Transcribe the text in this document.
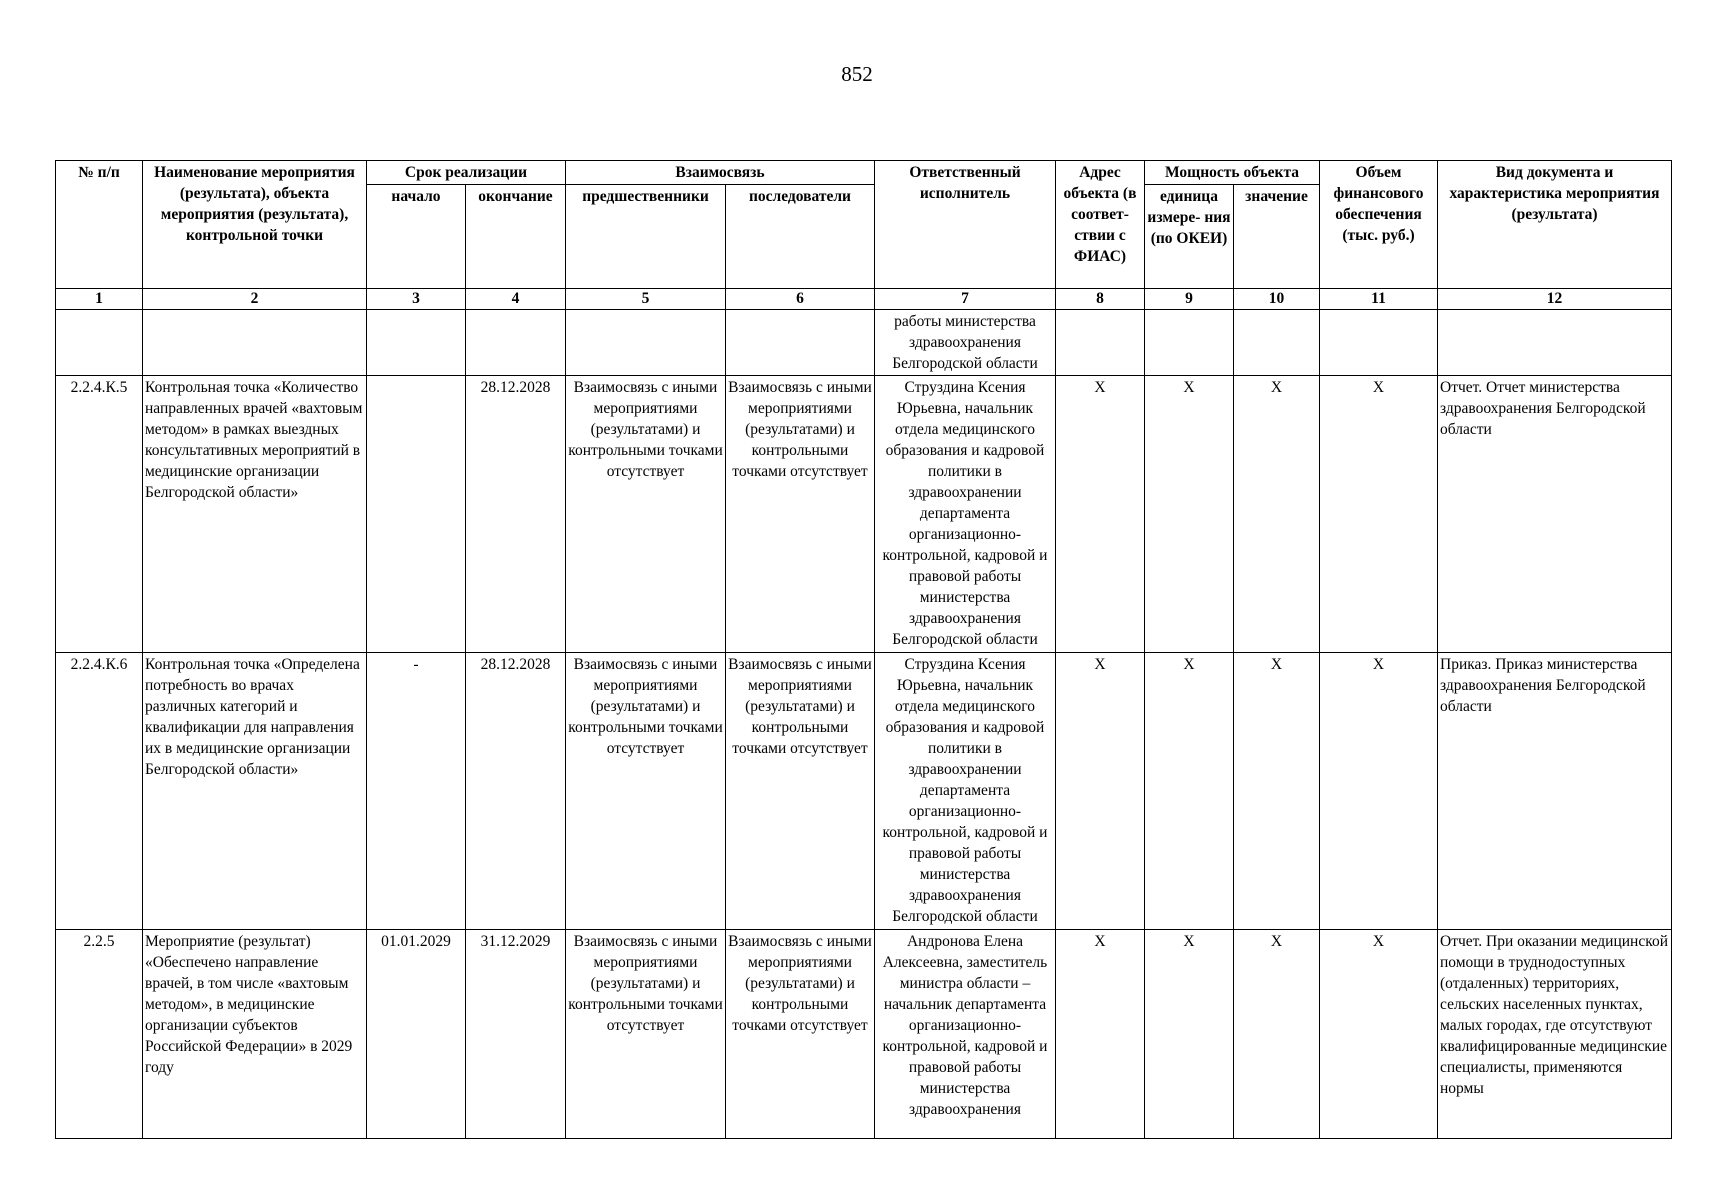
852
№ п/п	Наименование мероприятия (результата), объекта мероприятия (результата), контрольной точки	Срок реализации		Взаимосвязь		Ответственный исполнитель	Адрес объекта (в соответ- ствии с ФИАС)	Мощность объекта		Объем финансового обеспечения (тыс. руб.)	Вид документа и характеристика мероприятия (результата)
		начало	окончание	предшественники	последователи			единица измере- ния (по ОКЕИ)	значение		
1	2	3	4	5	6	7	8	9	10	11	12
						работы министерства здравоохранения Белгородской области					
2.2.4.К.5	Контрольная точка «Количество направленных врачей «вахтовым методом» в рамках выездных консультативных мероприятий в медицинские организации Белгородской области»		28.12.2028	Взаимосвязь с иными мероприятиями (результатами) и контрольными точками отсутствует	Взаимосвязь с иными мероприятиями (результатами) и контрольными точками отсутствует	Струздина Ксения Юрьевна, начальник отдела медицинского образования и кадровой политики в здравоохранении департамента организационно-контрольной, кадровой и правовой работы министерства здравоохранения Белгородской области	X	X	X	X	Отчет. Отчет министерства здравоохранения Белгородской области
2.2.4.К.6	Контрольная точка «Определена потребность во врачах различных категорий и квалификации для направления их в медицинские организации Белгородской области»	-	28.12.2028	Взаимосвязь с иными мероприятиями (результатами) и контрольными точками отсутствует	Взаимосвязь с иными мероприятиями (результатами) и контрольными точками отсутствует	Струздина Ксения Юрьевна, начальник отдела медицинского образования и кадровой политики в здравоохранении департамента организационно-контрольной, кадровой и правовой работы министерства здравоохранения Белгородской области	X	X	X	X	Приказ. Приказ министерства здравоохранения Белгородской области
2.2.5	Мероприятие (результат) «Обеспечено направление врачей, в том числе «вахтовым методом», в медицинские организации субъектов Российской Федерации» в 2029 году	01.01.2029	31.12.2029	Взаимосвязь с иными мероприятиями (результатами) и контрольными точками отсутствует	Взаимосвязь с иными мероприятиями (результатами) и контрольными точками отсутствует	Андронова Елена Алексеевна, заместитель министра области – начальник департамента организационно-контрольной, кадровой и правовой работы министерства здравоохранения	X	X	X	X	Отчет. При оказании медицинской помощи в труднодоступных (отдаленных) территориях, сельских населенных пунктах, малых городах, где отсутствуют квалифицированные медицинские специалисты, применяются нормы
